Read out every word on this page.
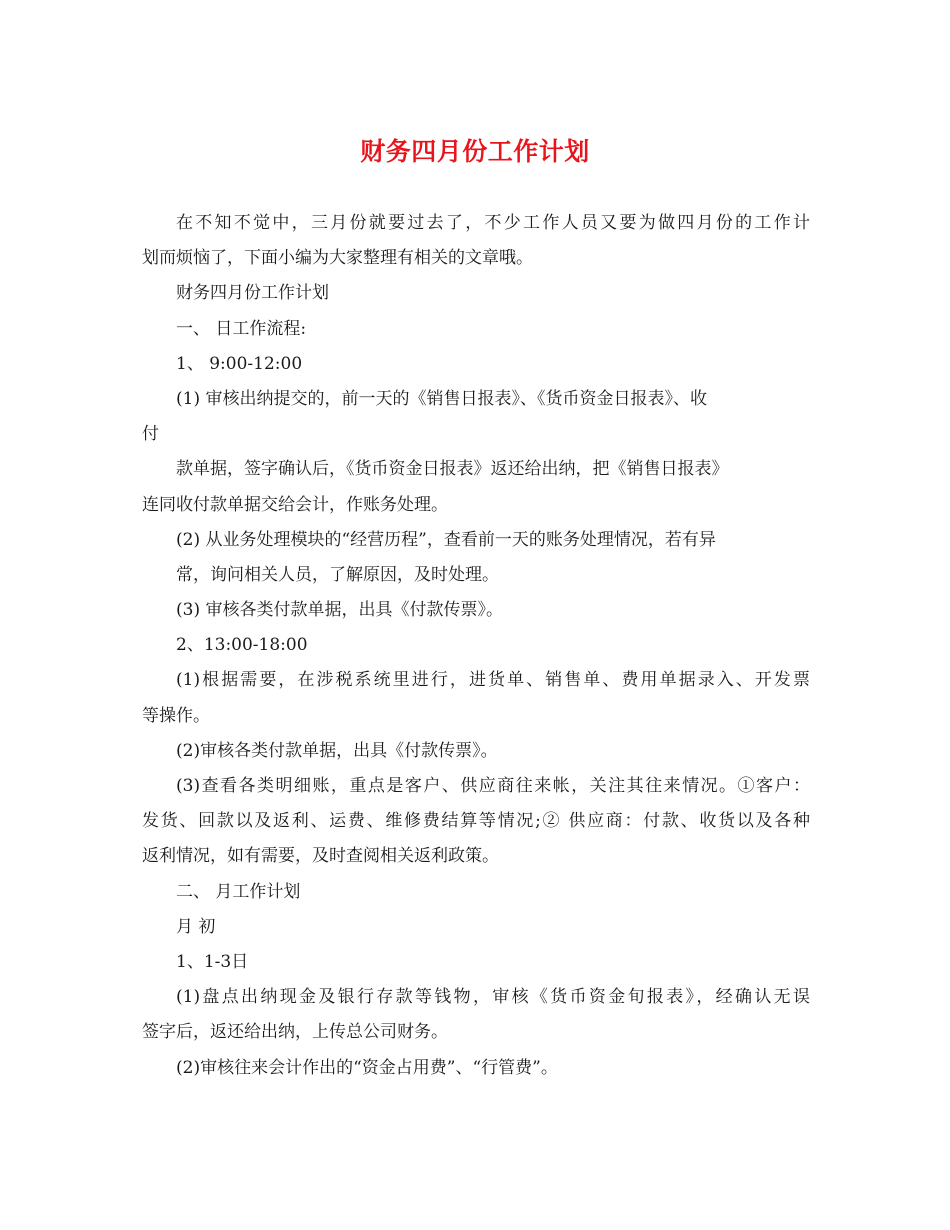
财务四月份工作计划
在不知不觉中，三月份就要过去了，不少工作人员又要为做四月份的工作计
划而烦恼了，下面小编为大家整理有相关的文章哦。
财务四月份工作计划
一、 日工作流程:
1、 9:00-12:00
(1) 审核出纳提交的，前一天的《销售日报表》、《货币资金日报表》、收
付
款单据，签字确认后，《货币资金日报表》返还给出纳，把《销售日报表》
连同收付款单据交给会计，作账务处理。
(2) 从业务处理模块的“经营历程”，查看前一天的账务处理情况，若有异
常，询问相关人员，了解原因，及时处理。
(3) 审核各类付款单据，出具《付款传票》。
2、13:00-18:00
(1)根据需要，在涉税系统里进行，进货单、销售单、费用单据录入、开发票
等操作。
(2)审核各类付款单据，出具《付款传票》。
(3)查看各类明细账，重点是客户、供应商往来帐，关注其往来情况。①客户：
发货、回款以及返利、运费、维修费结算等情况;② 供应商：付款、收货以及各种
返利情况，如有需要，及时查阅相关返利政策。
二、 月工作计划
月 初
1、1-3日
(1)盘点出纳现金及银行存款等钱物，审核《货币资金旬报表》，经确认无误
签字后，返还给出纳，上传总公司财务。
(2)审核往来会计作出的“资金占用费”、“行管费”。
